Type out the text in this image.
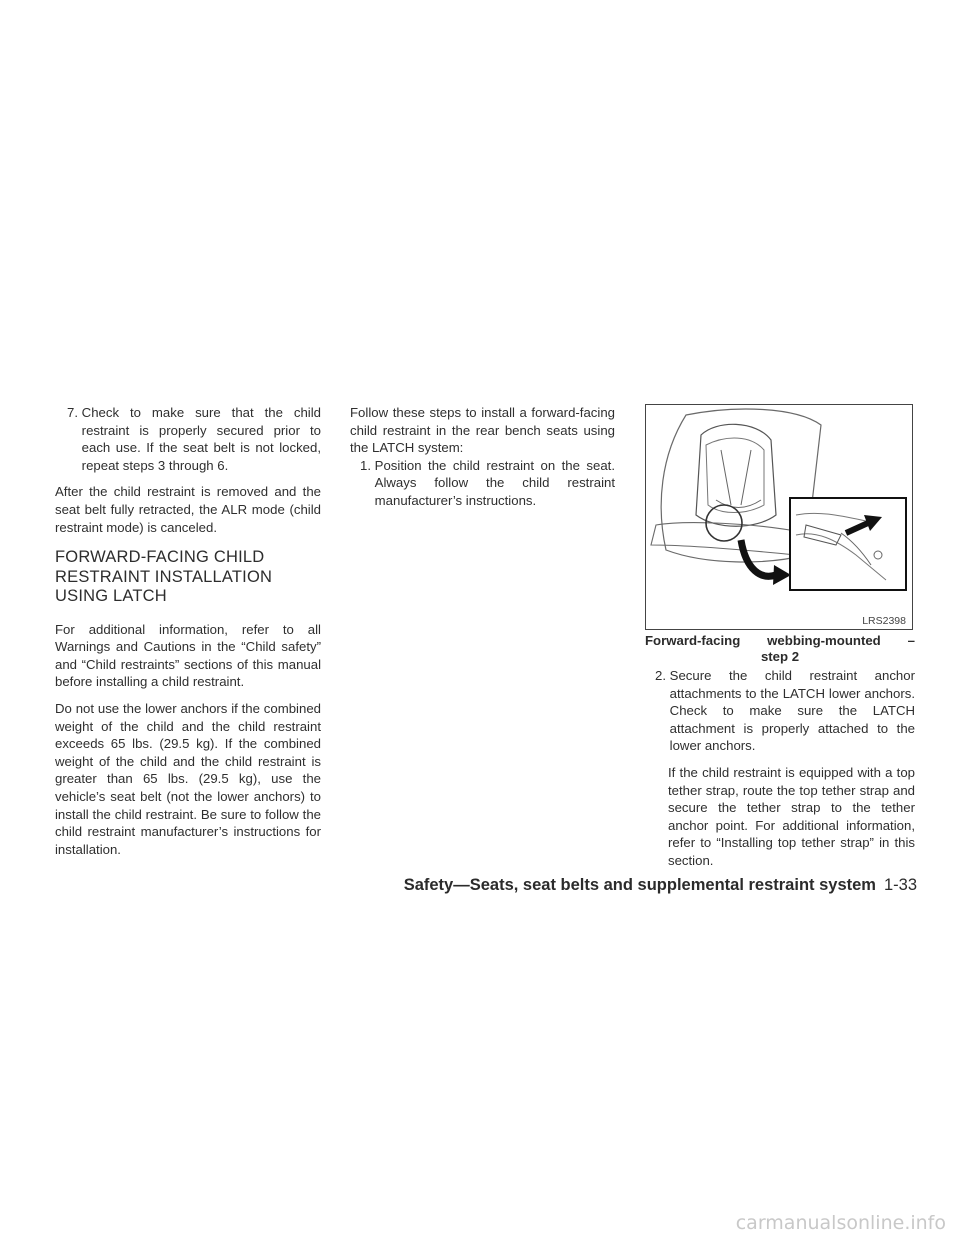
7. Check to make sure that the child restraint is properly secured prior to each use. If the seat belt is not locked, repeat steps 3 through 6.

After the child restraint is removed and the seat belt fully retracted, the ALR mode (child restraint mode) is canceled.

FORWARD-FACING CHILD RESTRAINT INSTALLATION USING LATCH

For additional information, refer to all Warnings and Cautions in the “Child safety” and “Child restraints” sections of this manual before installing a child restraint.

Do not use the lower anchors if the combined weight of the child and the child restraint exceeds 65 lbs. (29.5 kg). If the combined weight of the child and the child restraint is greater than 65 lbs. (29.5 kg), use the vehicle’s seat belt (not the lower anchors) to install the child restraint. Be sure to follow the child restraint manufacturer’s instructions for installation.

Follow these steps to install a forward-facing child restraint in the rear bench seats using the LATCH system:

1. Position the child restraint on the seat. Always follow the child restraint manufacturer’s instructions.
LRS2398
Forward-facing webbing-mounted –
step 2
2. Secure the child restraint anchor attachments to the LATCH lower anchors. Check to make sure the LATCH attachment is properly attached to the lower anchors.

If the child restraint is equipped with a top tether strap, route the top tether strap and secure the tether strap to the tether anchor point. For additional information, refer to “Installing top tether strap” in this section.

Safety—Seats, seat belts and supplemental restraint system 1-33
carmanualsonline.info
